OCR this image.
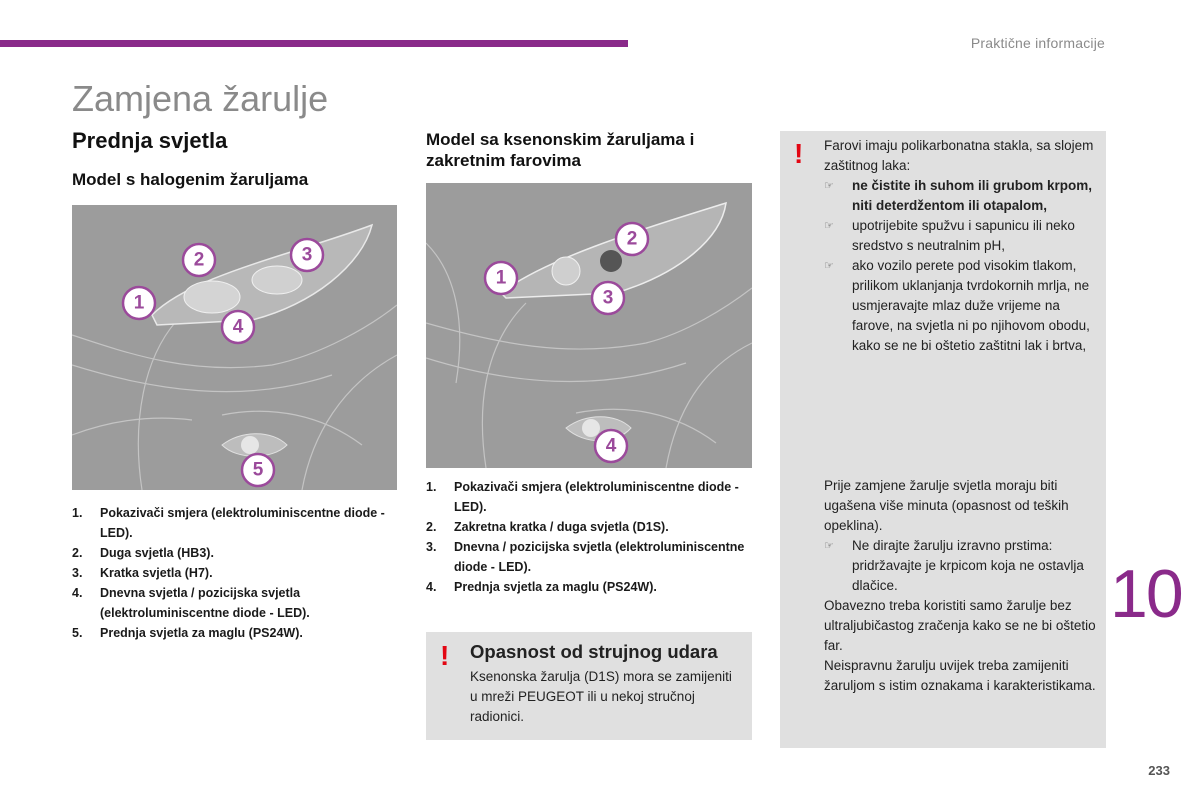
Praktične informacije
Zamjena žarulje
Prednja svjetla
Model s halogenim žaruljama
1
2	3
4
5
1. Pokazivači smjera (elektroluminiscentne diode - LED).
2. Duga svjetla (HB3).
3. Kratka svjetla (H7).
4. Dnevna svjetla / pozicijska svjetla (elektroluminiscentne diode - LED).
5. Prednja svjetla za maglu (PS24W).
Model sa ksenonskim žaruljama i zakretnim farovima
1
2
3
4
1. Pokazivači smjera (elektroluminiscentne diode - LED).
2. Zakretna kratka / duga svjetla (D1S).
3. Dnevna / pozicijska svjetla (elektroluminiscentne diode - LED).
4. Prednja svjetla za maglu (PS24W).
! Opasnost od strujnog udara

Ksenonska žarulja (D1S) mora se zamijeniti u mreži PEUGEOT ili u nekoj stručnoj radionici.

! Farovi imaju polikarbonatna stakla, sa slojem zaštitnog laka:

☞ ne čistite ih suhom ili grubom krpom, niti deterdžentom ili otapalom,
☞ upotrijebite spužvu i sapunicu ili neko sredstvo s neutralnim pH,
☞ ako vozilo perete pod visokim tlakom, prilikom uklanjanja tvrdokornih mrlja, ne usmjeravajte mlaz duže vrijeme na farove, na svjetla ni po njihovom obodu, kako se ne bi oštetio zaštitni lak i brtva,

Prije zamjene žarulje svjetla moraju biti ugašena više minuta (opasnost od teških opeklina).

☞ Ne dirajte žarulju izravno prstima: pridržavajte je krpicom koja ne ostavlja dlačice.

Obavezno treba koristiti samo žarulje bez ultraljubičastog zračenja kako se ne bi oštetio far.

Neispravnu žarulju uvijek treba zamijeniti žaruljom s istim oznakama i karakteristikama.

10
233
